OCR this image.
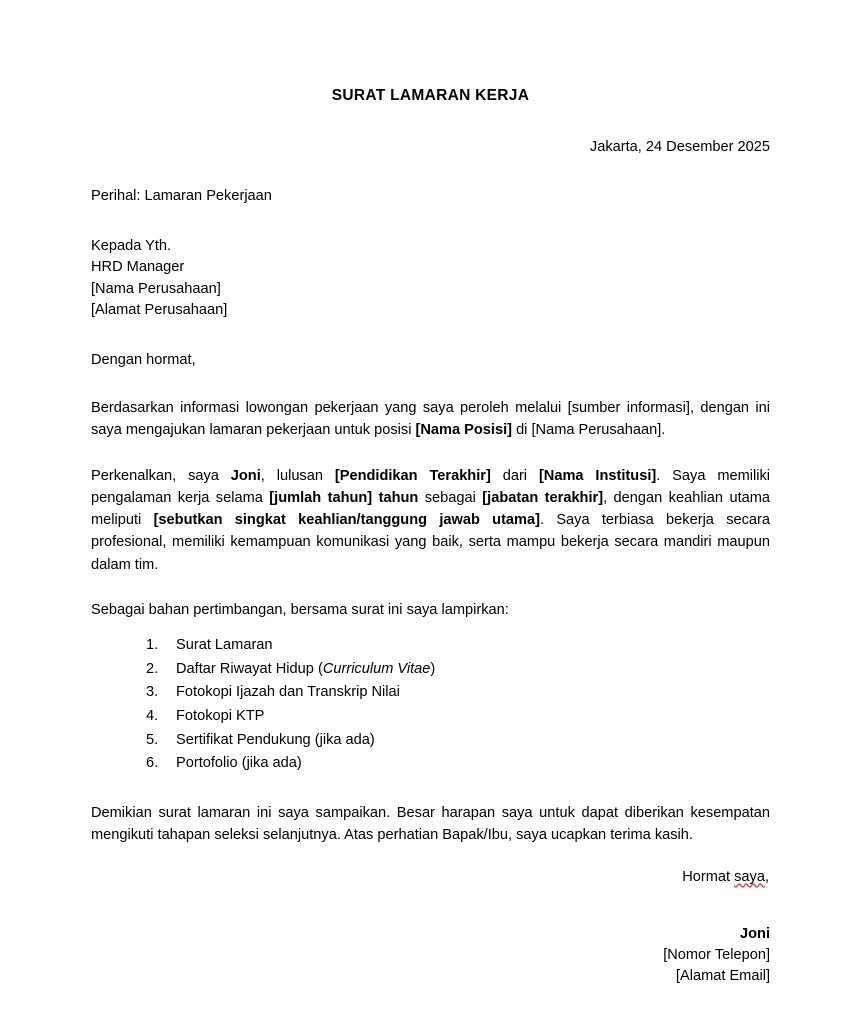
SURAT LAMARAN KERJA
Jakarta, 24 Desember 2025
Perihal: Lamaran Pekerjaan
Kepada Yth.
HRD Manager
[Nama Perusahaan]
[Alamat Perusahaan]
Dengan hormat,

Berdasarkan informasi lowongan pekerjaan yang saya peroleh melalui [sumber informasi], dengan ini saya mengajukan lamaran pekerjaan untuk posisi [Nama Posisi] di [Nama Perusahaan].

Perkenalkan, saya Joni, lulusan [Pendidikan Terakhir] dari [Nama Institusi]. Saya memiliki pengalaman kerja selama [jumlah tahun] tahun sebagai [jabatan terakhir], dengan keahlian utama meliputi [sebutkan singkat keahlian/tanggung jawab utama]. Saya terbiasa bekerja secara profesional, memiliki kemampuan komunikasi yang baik, serta mampu bekerja secara mandiri maupun dalam tim.

Sebagai bahan pertimbangan, bersama surat ini saya lampirkan:
Surat Lamaran
Daftar Riwayat Hidup (Curriculum Vitae)
Fotokopi Ijazah dan Transkrip Nilai
Fotokopi KTP
Sertifikat Pendukung (jika ada)
Portofolio (jika ada)

Demikian surat lamaran ini saya sampaikan. Besar harapan saya untuk dapat diberikan kesempatan mengikuti tahapan seleksi selanjutnya. Atas perhatian Bapak/Ibu, saya ucapkan terima kasih.

Hormat saya,
Joni
[Nomor Telepon]
[Alamat Email]
